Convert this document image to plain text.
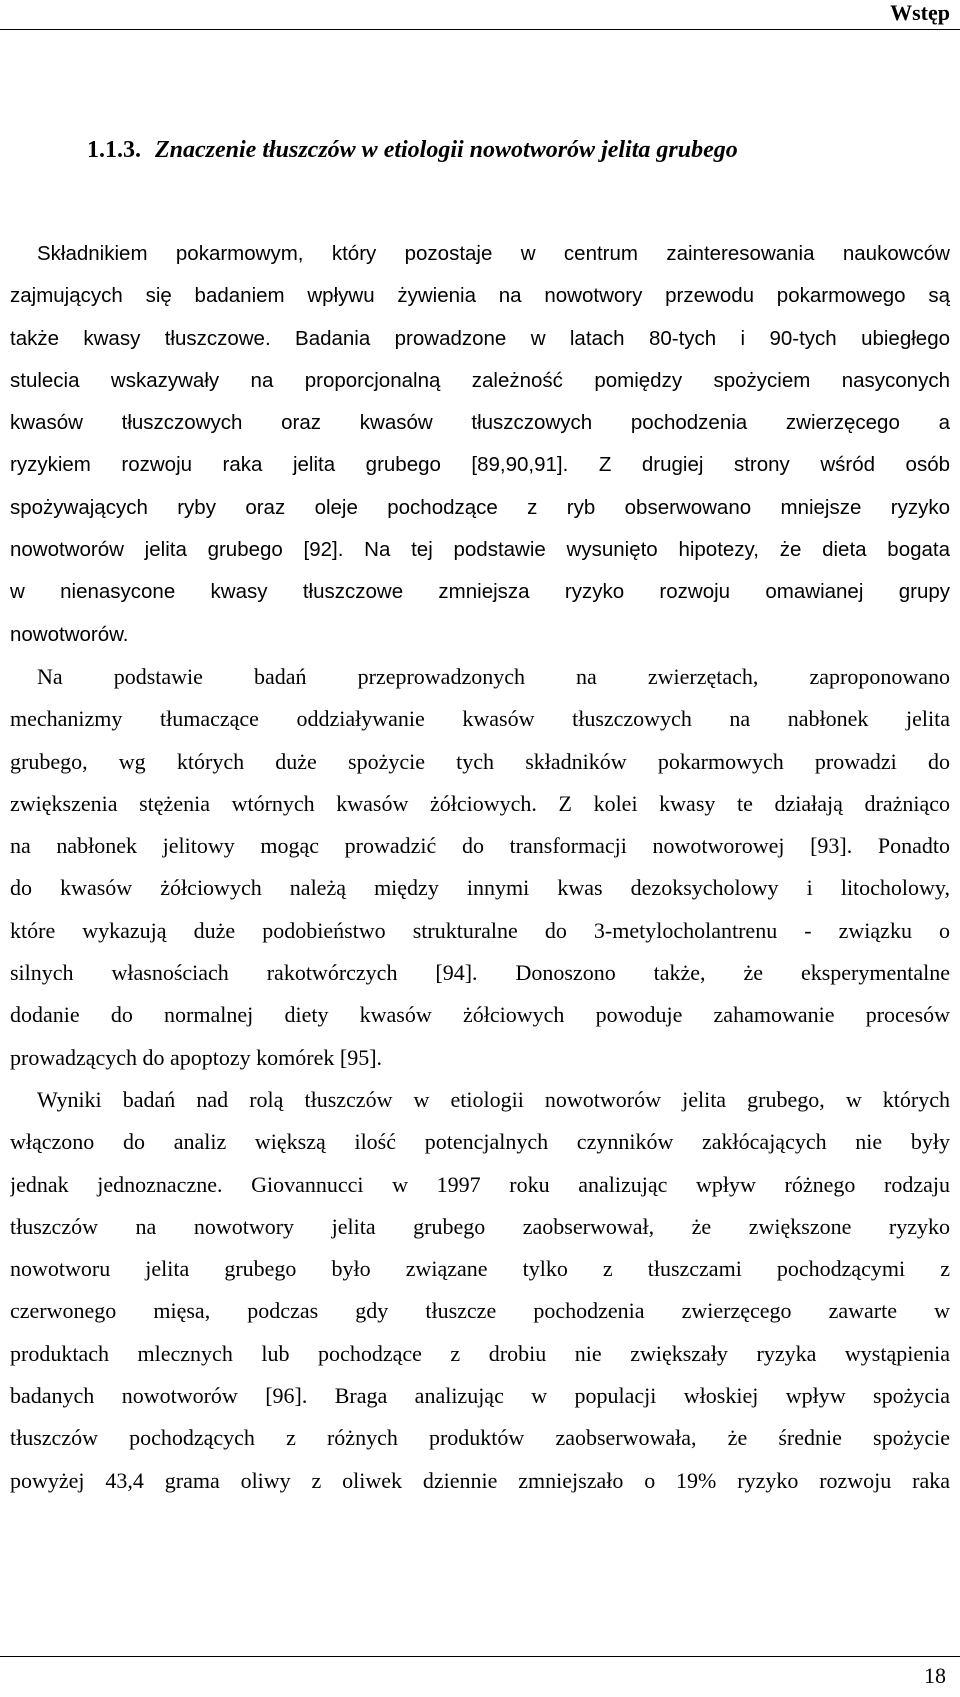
Wstęp
1.1.3. Znaczenie tłuszczów w etiologii nowotworów jelita grubego
Składnikiem pokarmowym, który pozostaje w centrum zainteresowania naukowców
zajmujących się badaniem wpływu żywienia na nowotwory przewodu pokarmowego są
także kwasy tłuszczowe. Badania prowadzone w latach 80-tych i 90-tych ubiegłego
stulecia wskazywały na proporcjonalną zależność pomiędzy spożyciem nasyconych
kwasów tłuszczowych oraz kwasów tłuszczowych pochodzenia zwierzęcego a
ryzykiem rozwoju raka jelita grubego [89,90,91]. Z drugiej strony wśród osób
spożywających ryby oraz oleje pochodzące z ryb obserwowano mniejsze ryzyko
nowotworów jelita grubego [92]. Na tej podstawie wysunięto hipotezy, że dieta bogata
w nienasycone kwasy tłuszczowe zmniejsza ryzyko rozwoju omawianej grupy
nowotworów.
Na podstawie badań przeprowadzonych na zwierzętach, zaproponowano
mechanizmy tłumaczące oddziaływanie kwasów tłuszczowych na nabłonek jelita
grubego, wg których duże spożycie tych składników pokarmowych prowadzi do
zwiększenia stężenia wtórnych kwasów żółciowych. Z kolei kwasy te działają drażniąco
na nabłonek jelitowy mogąc prowadzić do transformacji nowotworowej [93]. Ponadto
do kwasów żółciowych należą między innymi kwas dezoksycholowy i litocholowy,
które wykazują duże podobieństwo strukturalne do 3-metylocholantrenu - związku o
silnych własnościach rakotwórczych [94]. Donoszono także, że eksperymentalne
dodanie do normalnej diety kwasów żółciowych powoduje zahamowanie procesów
prowadzących do apoptozy komórek [95].
Wyniki badań nad rolą tłuszczów w etiologii nowotworów jelita grubego, w których
włączono do analiz większą ilość potencjalnych czynników zakłócających nie były
jednak jednoznaczne. Giovannucci w 1997 roku analizując wpływ różnego rodzaju
tłuszczów na nowotwory jelita grubego zaobserwował, że zwiększone ryzyko
nowotworu jelita grubego było związane tylko z tłuszczami pochodzącymi z
czerwonego mięsa, podczas gdy tłuszcze pochodzenia zwierzęcego zawarte w
produktach mlecznych lub pochodzące z drobiu nie zwiększały ryzyka wystąpienia
badanych nowotworów [96]. Braga analizując w populacji włoskiej wpływ spożycia
tłuszczów pochodzących z różnych produktów zaobserwowała, że średnie spożycie
powyżej 43,4 grama oliwy z oliwek dziennie zmniejszało o 19% ryzyko rozwoju raka
18
